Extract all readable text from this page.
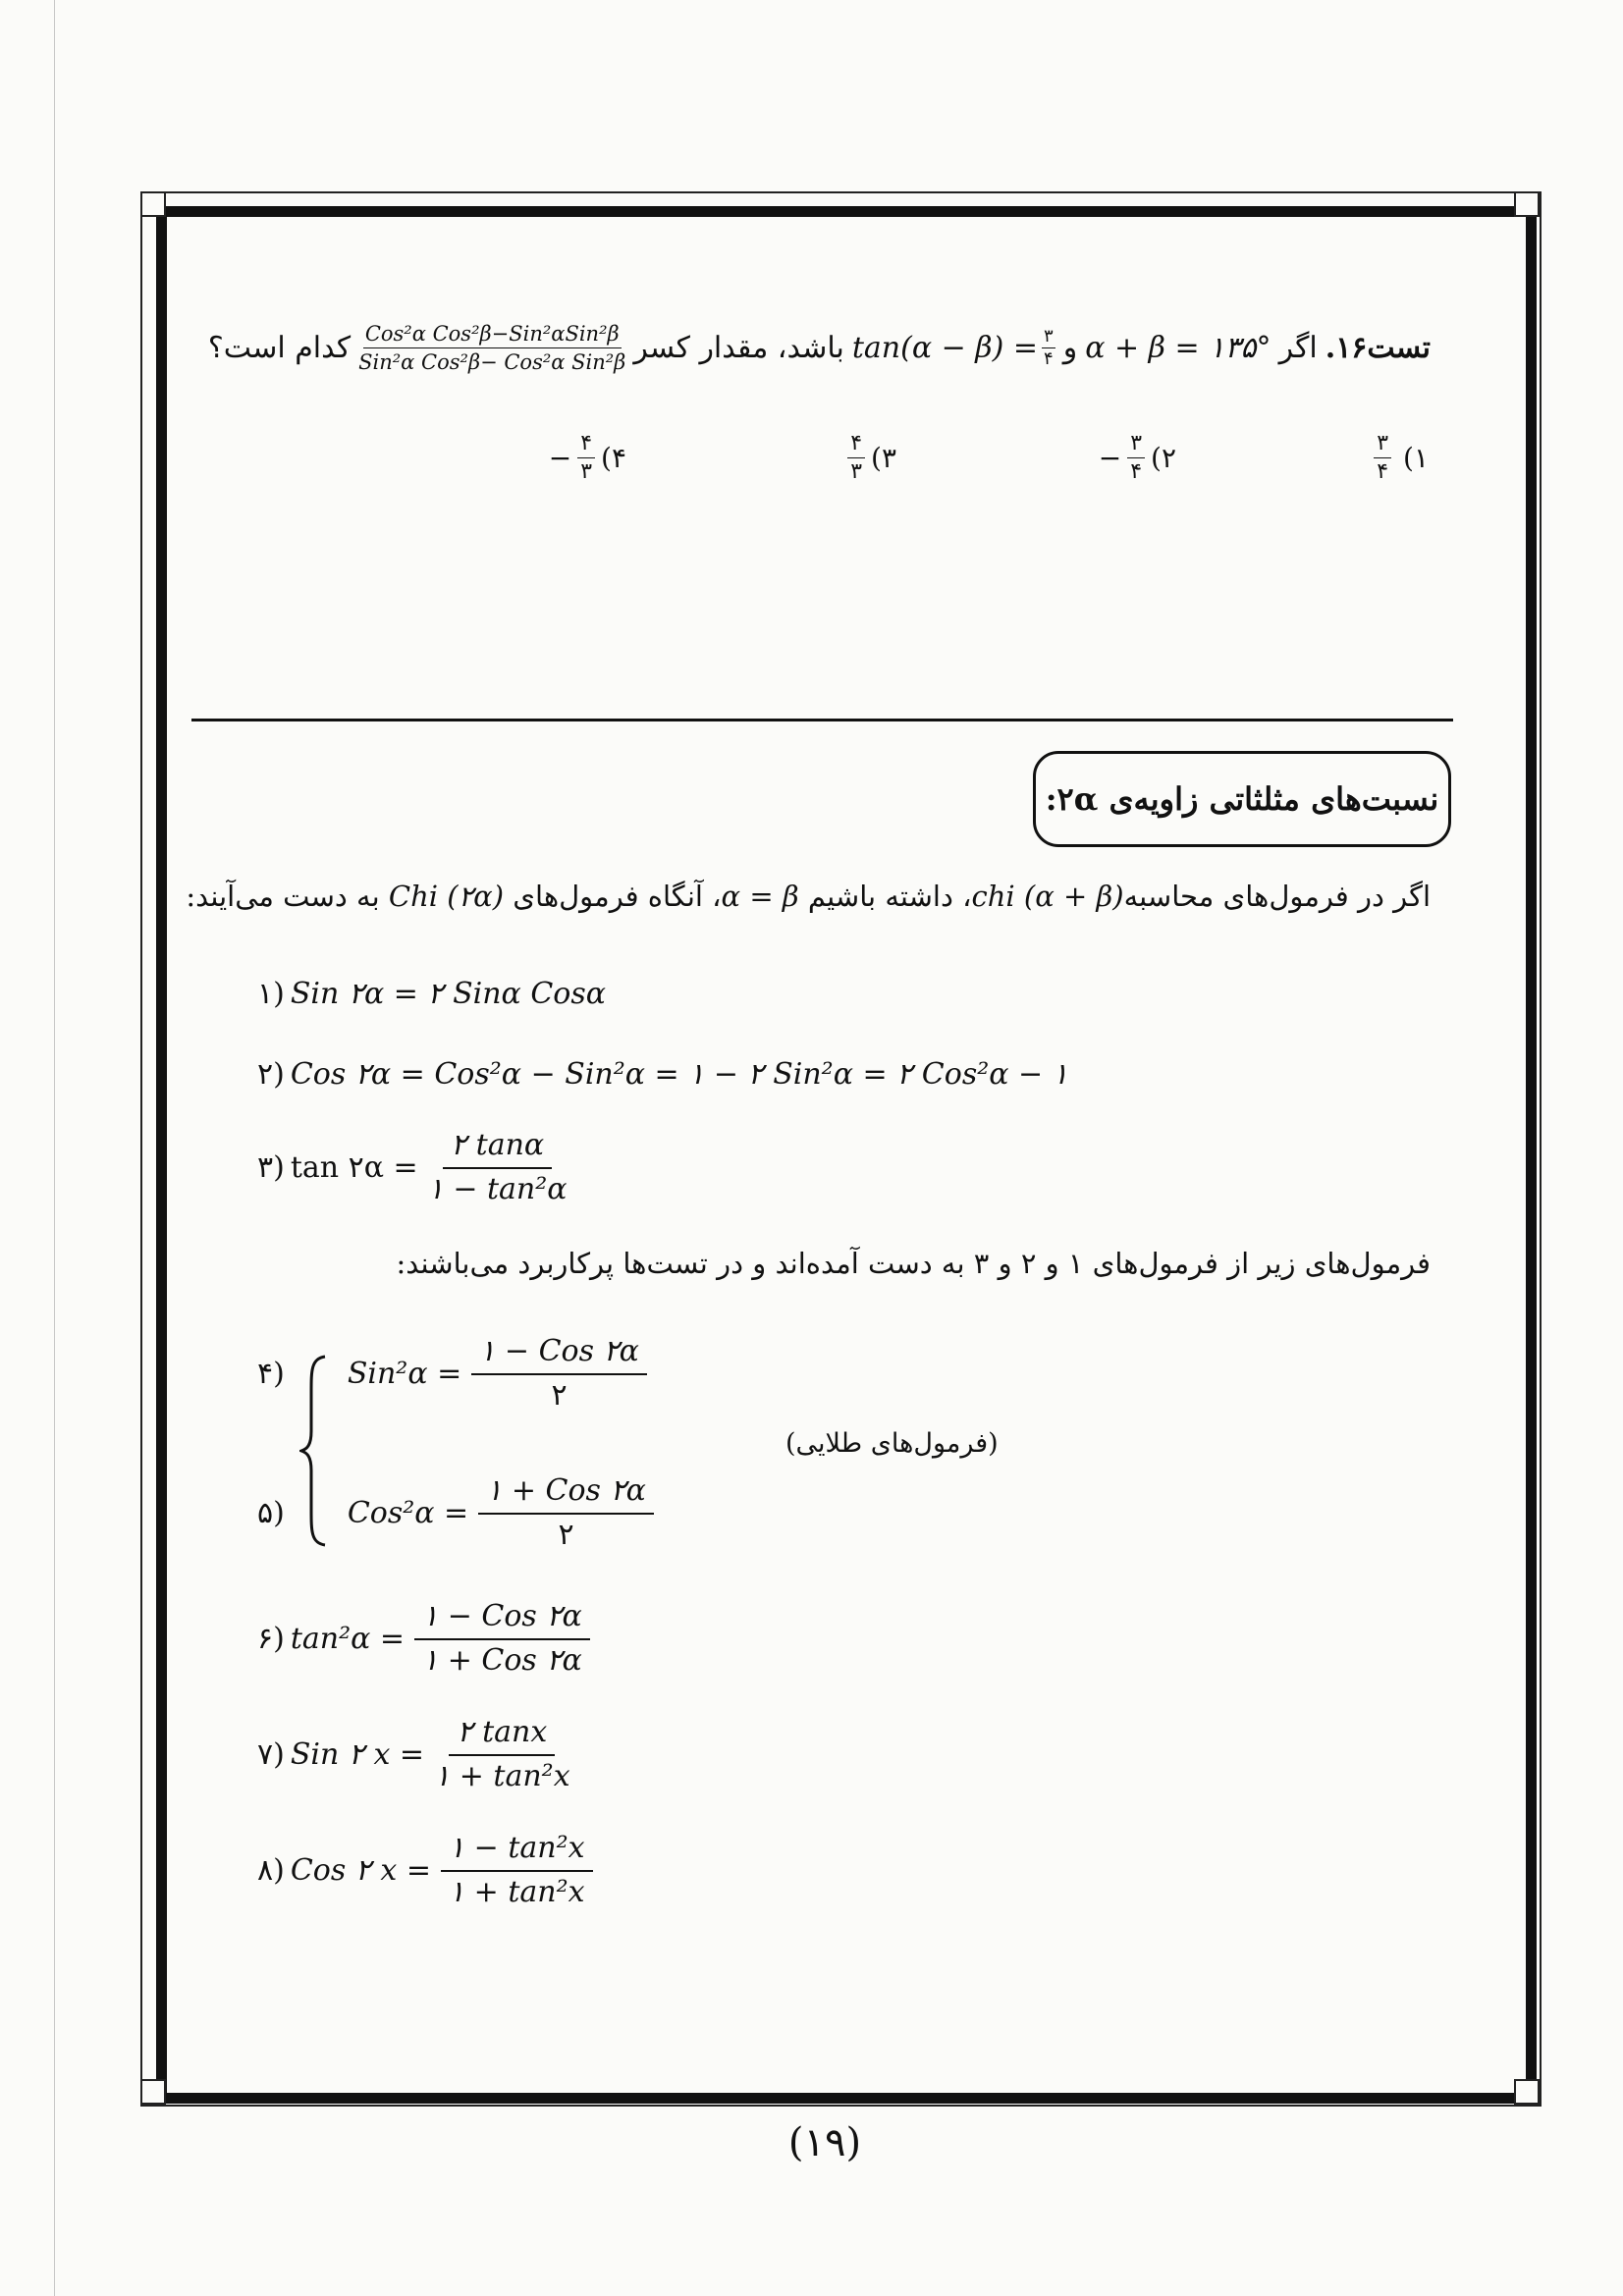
تست۱۶.
اگر
α + β = ۱۳۵°
و
$\tan(\alpha - \beta) = \frac{۳}{۴}$
باشد، مقدار کسر
$\frac{\text{Cos²α Cos²β−Sin²αSin²β}}{\text{Sin²α Cos²β− Cos²α Sin²β}}$
کدام است؟
۱)
$\frac{۳}{۴}$
۲)
$\frac{۳}{۴}$
−
۳)
$\frac{۴}{۳}$
۴)
$\frac{۴}{۳}$
−
نسبت‌های مثلثاتی زاویه‌ی ۲α:
اگر در فرمول‌های محاسبهchi (α + β)، داشته باشیم α = β، آنگاه فرمول‌های Chi (۲α) به دست می‌آیند:
۱) Sin ۲α = ۲ Sinα Cosα
۲) Cos ۲α = Cos²α − Sin²α = ۱ − ۲ Sin²α = ۲ Cos²α − ۱
۳) tan ۲α = $\frac{۲ \tan\alpha}{\text{۱ − tan²α}}$
فرمول‌های زیر از فرمول‌های ۱ و ۲ و ۳ به دست آمده‌اند و در تست‌ها پرکاربرد می‌باشند:
۴) $Sin^2\alpha = \frac{\text{۱ − Cos ۲α}}{۲}$
(فرمول‌های طلایی)
۵) $Cos^2\alpha = \frac{\text{۱ + Cos ۲α}}{۲}$
۶) $\tan^2\alpha = \frac{\text{۱ − Cos ۲α}}{\text{۱ + Cos ۲α}}$
۷) Sin ۲ $x = \frac{۲ \tan x}{\text{۱ + tan²x}}$
۸) Cos ۲ $x = \frac{\text{۱ − tan²x}}{\text{۱ + tan²x}}$
(۱۹)
